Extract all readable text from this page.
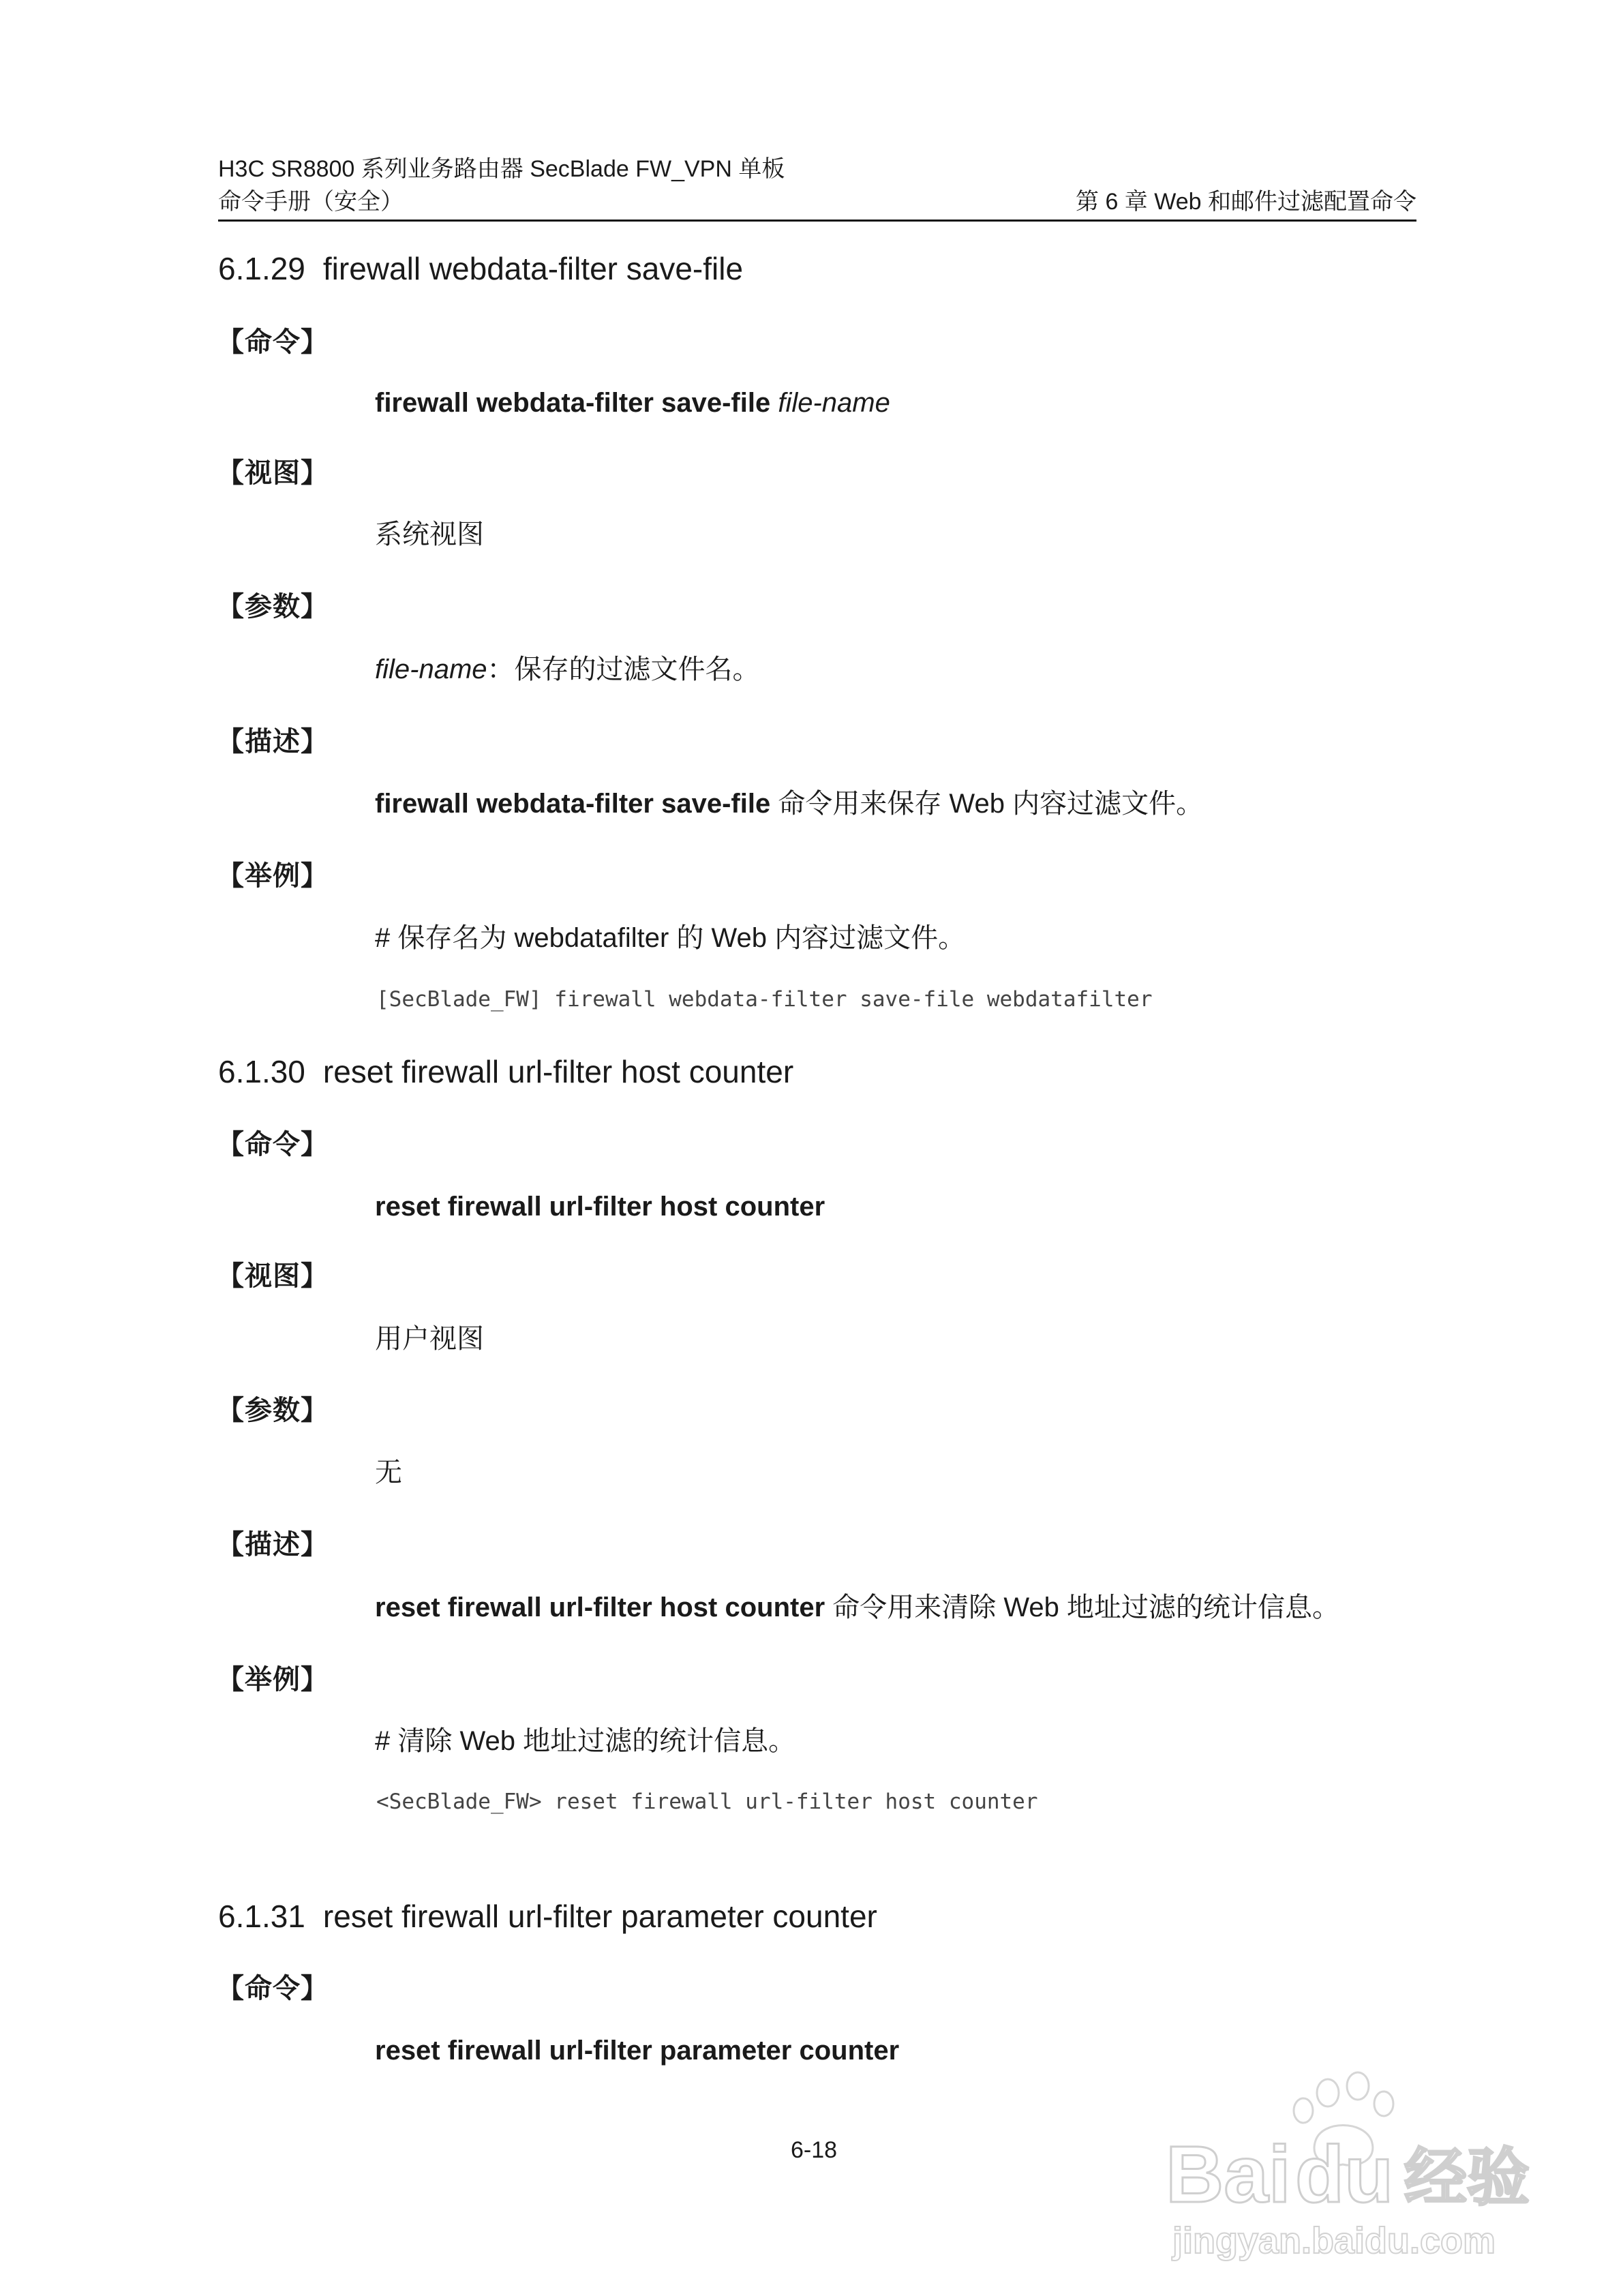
H3C SR8800 系列业务路由器 SecBlade FW_VPN 单板
命令手册（安全）	第 6 章 Web 和邮件过滤配置命令
6.1.29 firewall webdata-filter save-file
【命令】
firewall webdata-filter save-file file-name
【视图】
系统视图
【参数】
file-name：保存的过滤文件名。
【描述】
firewall webdata-filter save-file 命令用来保存 Web 内容过滤文件。
【举例】
# 保存名为 webdatafilter 的 Web 内容过滤文件。
[SecBlade_FW] firewall webdata-filter save-file webdatafilter
6.1.30 reset firewall url-filter host counter
【命令】
reset firewall url-filter host counter
【视图】
用户视图
【参数】
无
【描述】
reset firewall url-filter host counter 命令用来清除 Web 地址过滤的统计信息。
【举例】
# 清除 Web 地址过滤的统计信息。
<SecBlade_FW> reset firewall url-filter host counter
6.1.31 reset firewall url-filter parameter counter
【命令】
reset firewall url-filter parameter counter
6-18	Bai du 经验
jingyan.baidu.com
